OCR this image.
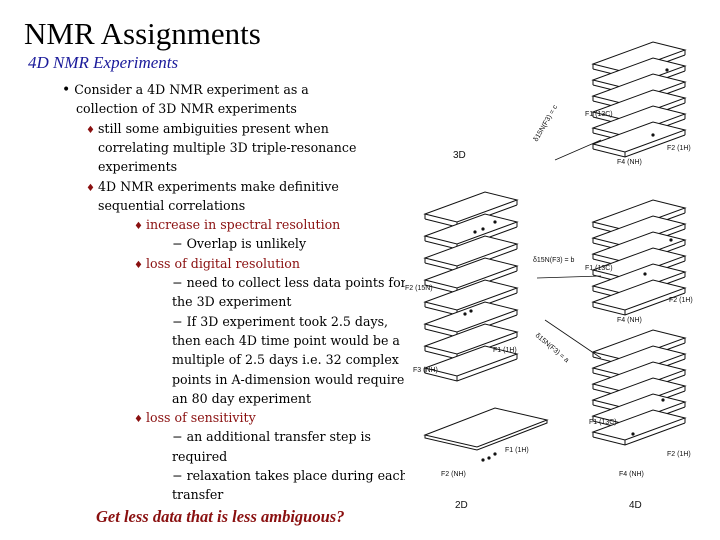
NMR Assignments
4D NMR Experiments
• Consider a 4D NMR experiment as a
collection of 3D NMR experiments
♦ still some ambiguities present when
correlating multiple 3D triple-resonance
experiments
♦ 4D NMR experiments make definitive
sequential correlations
♦ increase in spectral resolution
− Overlap is unlikely
♦ loss of digital resolution
− need to collect less data points for
the 3D experiment
− If 3D experiment took 2.5 days,
then each 4D time point would be a
multiple of 2.5 days i.e. 32 complex
points in A-dimension would require
an 80 day experiment
♦ loss of sensitivity
− an additional transfer step is
required
− relaxation takes place during each
transfer
Get less data that is less ambiguous?
3D
2D	4D
F1 (13C)
F2 (1H)
F4 (NH)
δ15N(F3) = c
F1 (13C)
F2 (1H)
F4 (NH)
δ15N(F3) = b
F2 (15N)
F1 (1H)
F3 (NH)
δ15N(F3) = a
F1 (13C)
F2 (1H)
F4 (NH)
F1 (1H)
F2 (NH)
